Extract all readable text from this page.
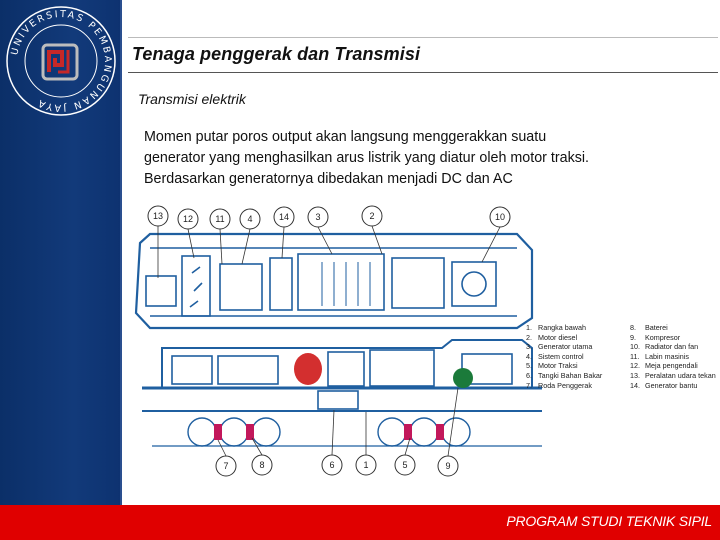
UNIVERSITAS PEMBANGUNAN JAYA
Tenaga penggerak dan Transmisi
Transmisi elektrik
Momen putar poros output akan langsung menggerakkan suatu
generator yang menghasilkan arus listrik yang diatur oleh motor traksi.
Berdasarkan generatornya dibedakan menjadi DC dan AC
13 12 11	4	14	3	2	10
7	8	6	1	5	9
1. Rangka bawah
2. Motor diesel
3. Generator utama
4. Sistem control
5. Motor Traksi
6. Tangki Bahan Bakar
7. Roda Penggerak
8. Baterei
9. Kompresor
10. Radiator dan fan
11. Labin masinis
12. Meja pengendali
13. Peralatan udara tekan
14. Generator bantu
PROGRAM STUDI TEKNIK SIPIL
